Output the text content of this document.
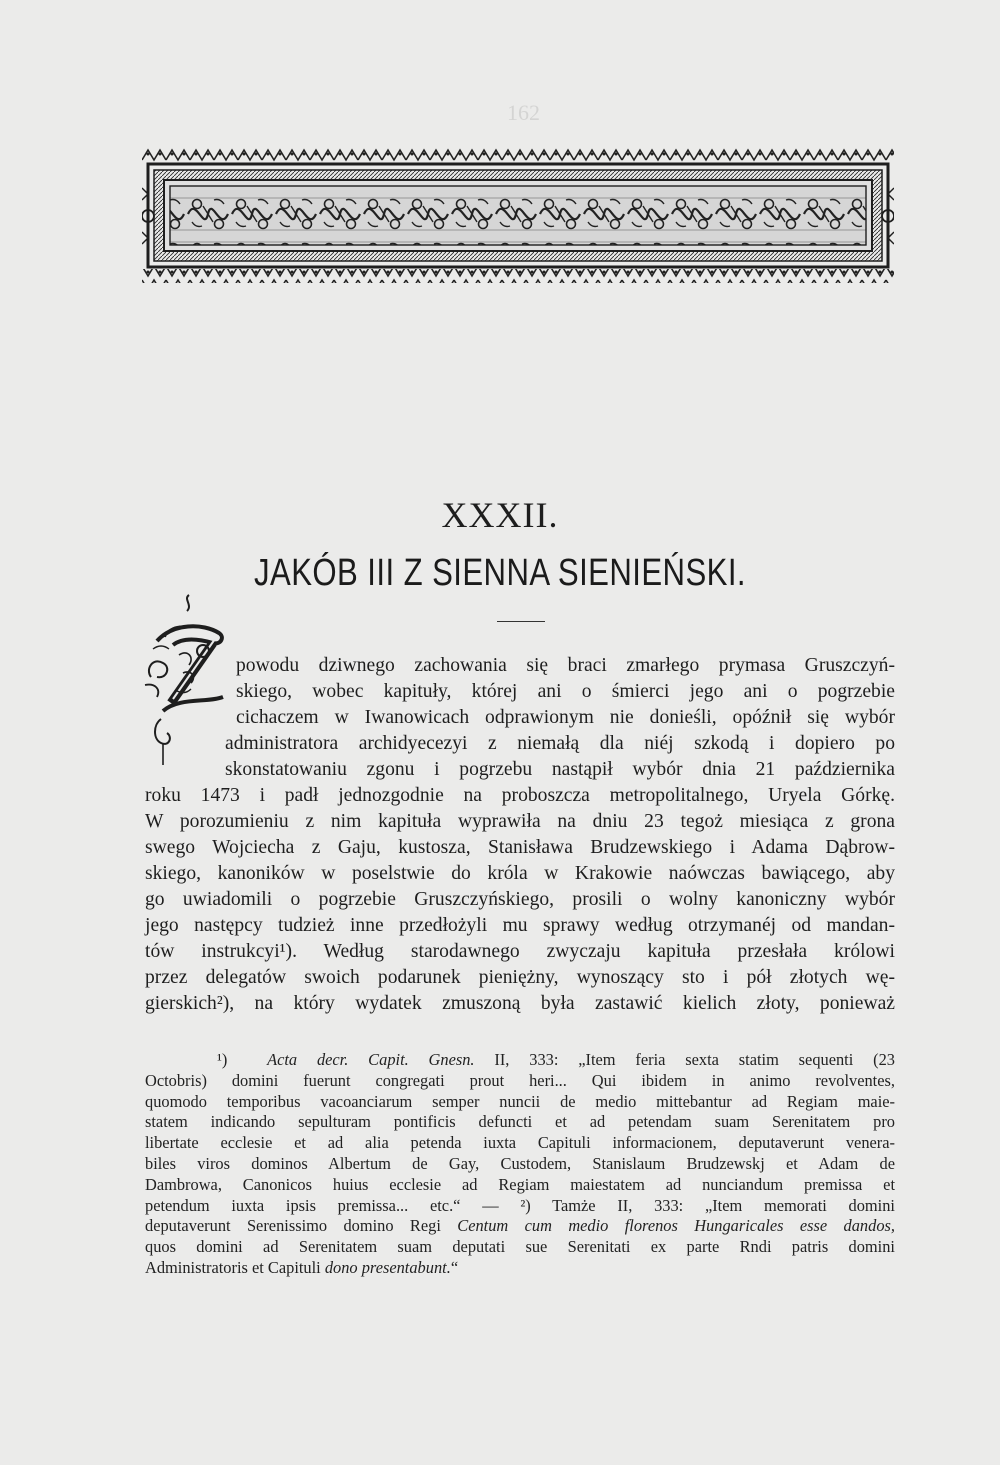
162
XXXII.
JAKÓB III Z SIENNA SIENIEŃSKI.
powodu dziwnego zachowania się braci zmarłego prymasa Gruszczyń-
skiego, wobec kapituły, której ani o śmierci jego ani o pogrzebie
cichaczem w Iwanowicach odprawionym nie donieśli, opóźnił się wybór
administratora archidyecezyi z niemałą dla niéj szkodą i dopiero po
skonstatowaniu zgonu i pogrzebu nastąpił wybór dnia 21 października
roku 1473 i padł jednozgodnie na proboszcza metropolitalnego, Uryela Górkę.
W porozumieniu z nim kapituła wyprawiła na dniu 23 tegoż miesiąca z grona
swego Wojciecha z Gaju, kustosza, Stanisława Brudzewskiego i Adama Dąbrow-
skiego, kanoników w poselstwie do króla w Krakowie naówczas bawiącego, aby
go uwiadomili o pogrzebie Gruszczyńskiego, prosili o wolny kanoniczny wybór
jego następcy tudzież inne przedłożyli mu sprawy według otrzymanéj od mandan-
tów instrukcyi¹). Według starodawnego zwyczaju kapituła przesłała królowi
przez delegatów swoich podarunek pieniężny, wynoszący sto i pół złotych wę-
gierskich²), na który wydatek zmuszoną była zastawić kielich złoty, ponieważ
¹) Acta decr. Capit. Gnesn. II, 333: „Item feria sexta statim sequenti (23
Octobris) domini fuerunt congregati prout heri... Qui ibidem in animo revolventes,
quomodo temporibus vacoanciarum semper nuncii de medio mittebantur ad Regiam maie-
statem indicando sepulturam pontificis defuncti et ad petendam suam Serenitatem pro
libertate ecclesie et ad alia petenda iuxta Capituli informacionem, deputaverunt venera-
biles viros dominos Albertum de Gay, Custodem, Stanislaum Brudzewskj et Adam de
Dambrowa, Canonicos huius ecclesie ad Regiam maiestatem ad nunciandum premissa et
petendum iuxta ipsis premissa... etc.“ — ²) Tamże II, 333: „Item memorati domini
deputaverunt Serenissimo domino Regi Centum cum medio florenos Hungaricales esse dandos,
quos domini ad Serenitatem suam deputati sue Serenitati ex parte Rndi patris domini
Administratoris et Capituli dono presentabunt.“
